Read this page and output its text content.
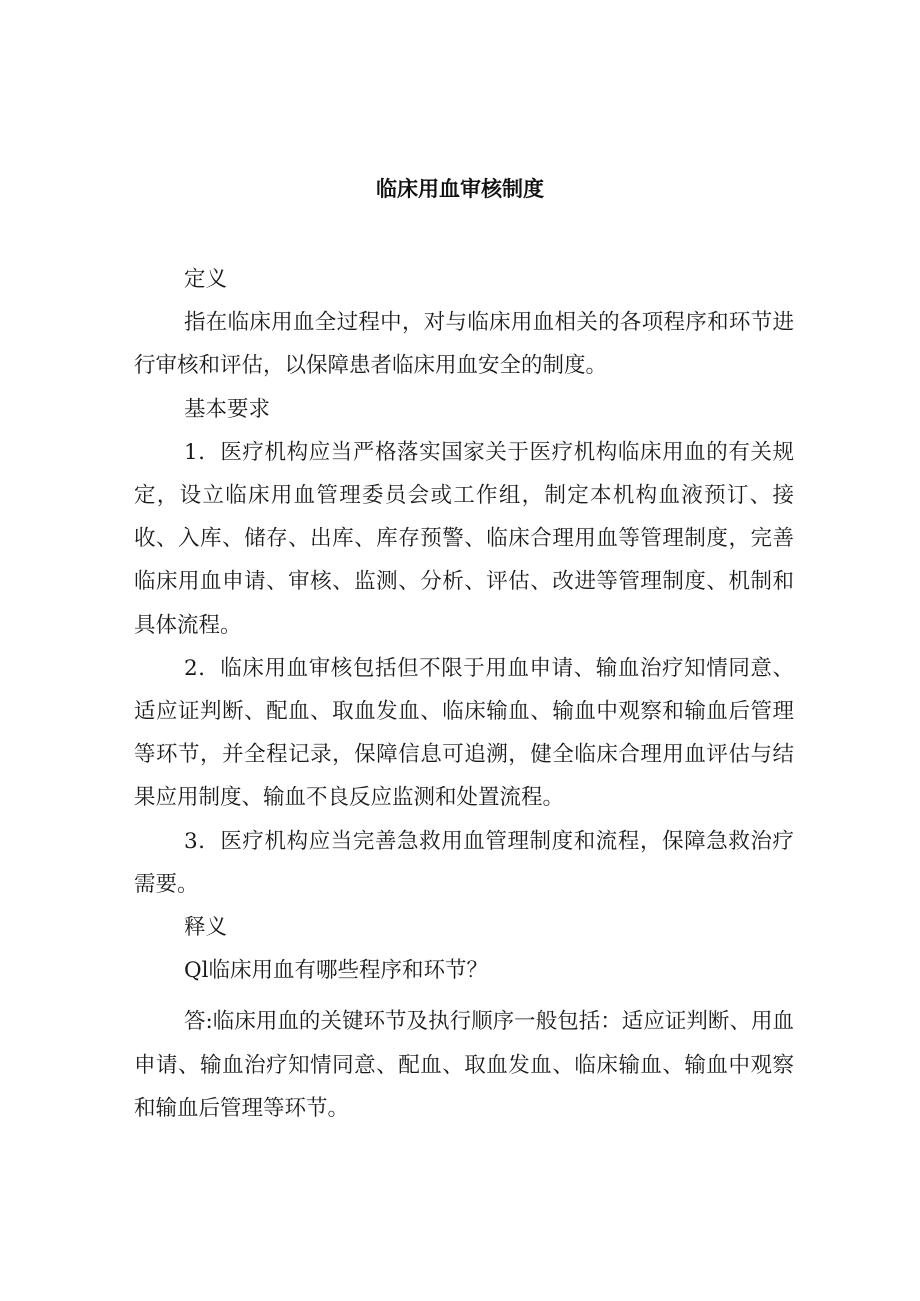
临床用血审核制度

定义

指在临床用血全过程中，对与临床用血相关的各项程序和环节进行审核和评估，以保障患者临床用血安全的制度。

基本要求

1．医疗机构应当严格落实国家关于医疗机构临床用血的有关规定，设立临床用血管理委员会或工作组，制定本机构血液预订、接收、入库、储存、出库、库存预警、临床合理用血等管理制度，完善临床用血申请、审核、监测、分析、评估、改进等管理制度、机制和具体流程。

2．临床用血审核包括但不限于用血申请、输血治疗知情同意、适应证判断、配血、取血发血、临床输血、输血中观察和输血后管理等环节，并全程记录，保障信息可追溯，健全临床合理用血评估与结果应用制度、输血不良反应监测和处置流程。

3．医疗机构应当完善急救用血管理制度和流程，保障急救治疗需要。

释义

Ql临床用血有哪些程序和环节？

答:临床用血的关键环节及执行顺序一般包括：适应证判断、用血申请、输血治疗知情同意、配血、取血发血、临床输血、输血中观察和输血后管理等环节。
